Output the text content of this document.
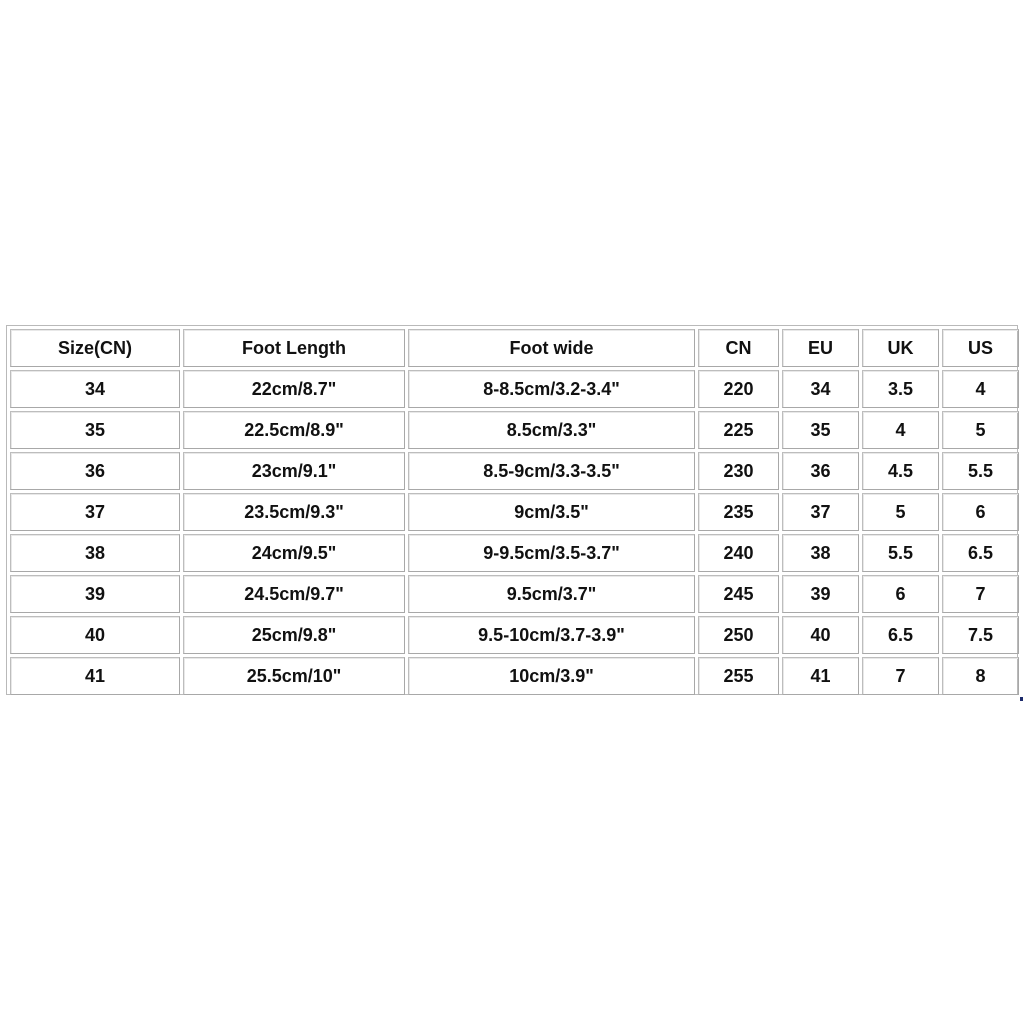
Size(CN)	Foot Length	Foot wide	CN	EU	UK	US
34	22cm/8.7"	8-8.5cm/3.2-3.4"	220	34	3.5	4
35	22.5cm/8.9"	8.5cm/3.3"	225	35	4	5
36	23cm/9.1"	8.5-9cm/3.3-3.5"	230	36	4.5	5.5
37	23.5cm/9.3"	9cm/3.5"	235	37	5	6
38	24cm/9.5"	9-9.5cm/3.5-3.7"	240	38	5.5	6.5
39	24.5cm/9.7"	9.5cm/3.7"	245	39	6	7
40	25cm/9.8"	9.5-10cm/3.7-3.9"	250	40	6.5	7.5
41	25.5cm/10"	10cm/3.9"	255	41	7	8
